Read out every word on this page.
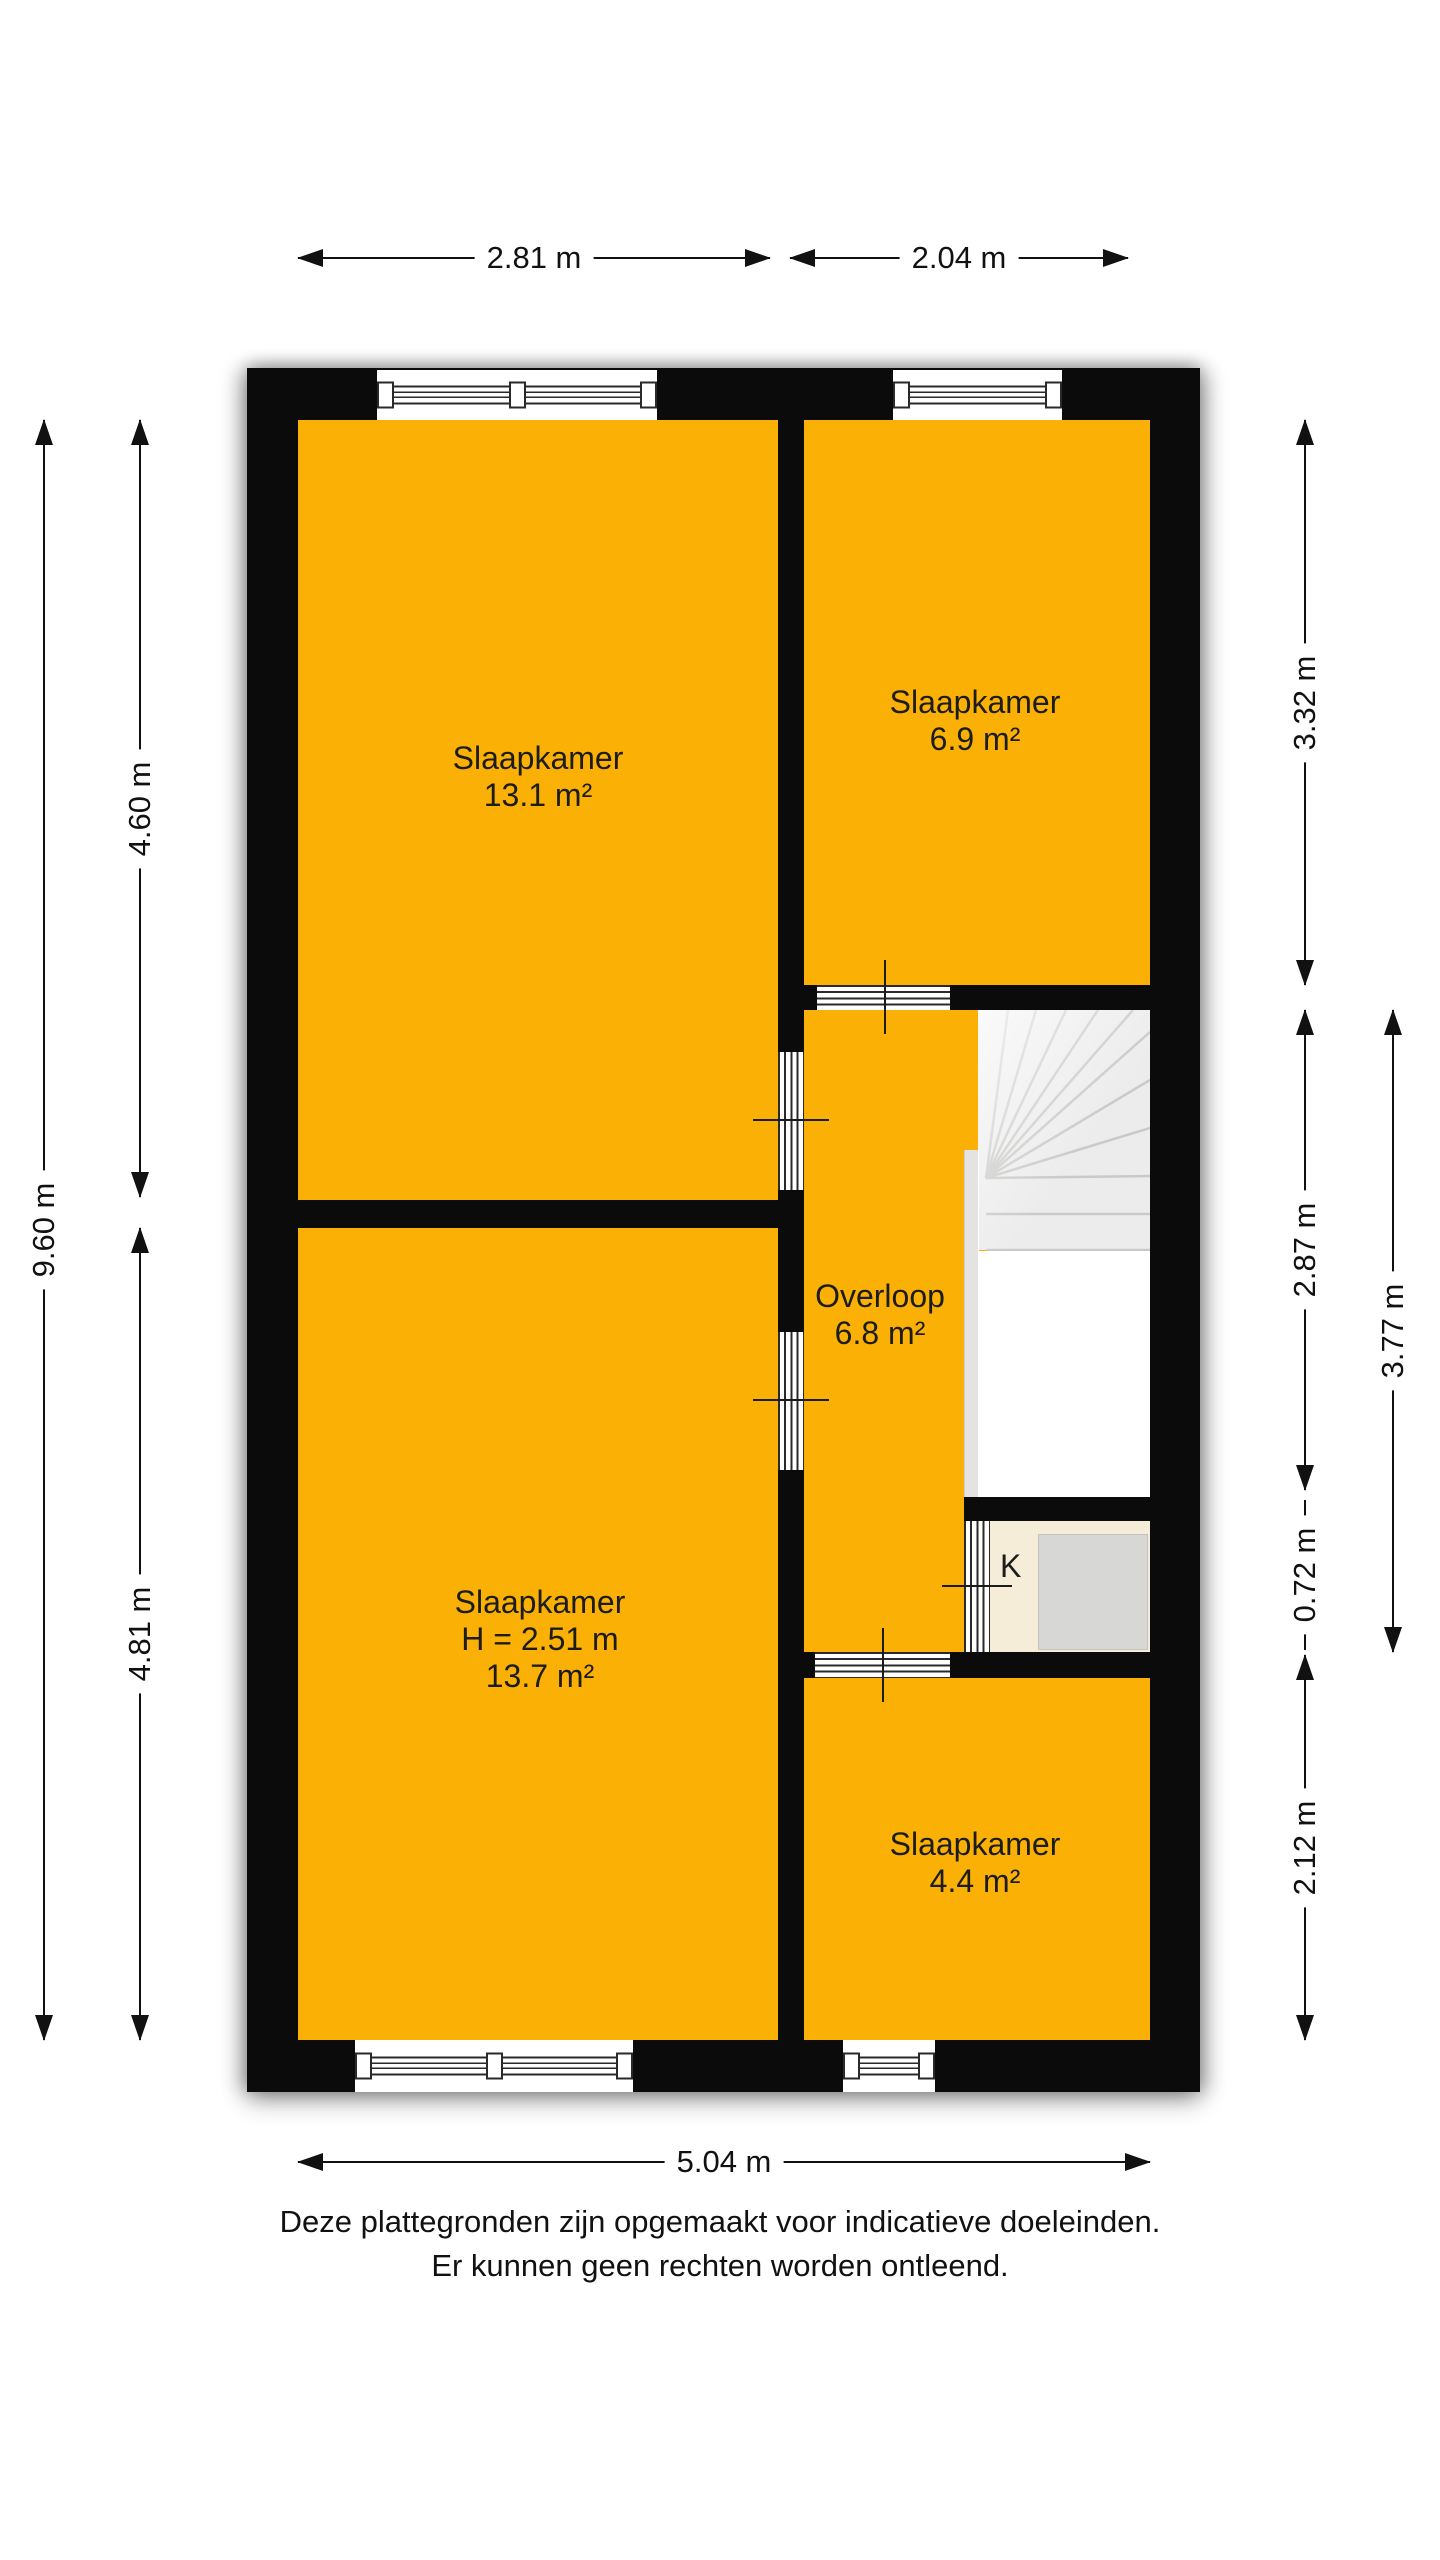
Slaapkamer
13.1 m²
Slaapkamer
6.9 m²
Overloop
6.8 m²
Slaapkamer
H = 2.51 m
13.7 m²
Slaapkamer
4.4 m²
K
2.81 m	2.04 m
9.60 m
4.60 m
4.81 m
3.32 m
2.87 m
0.72 m
2.12 m
3.77 m
5.04 m
Deze plattegronden zijn opgemaakt voor indicatieve doeleinden.
Er kunnen geen rechten worden ontleend.
